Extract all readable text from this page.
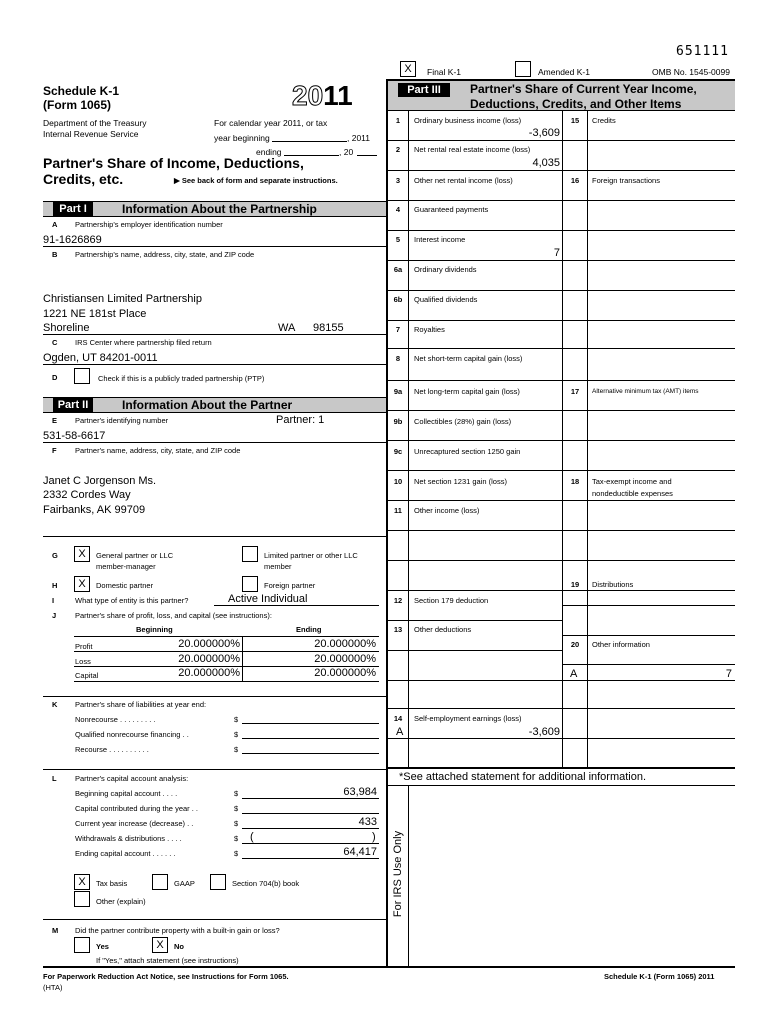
651111
X	Final K-1	Amended K-1	OMB No. 1545-0099
Schedule K-1
(Form 1065)	2011
Department of the Treasury
Internal Revenue Service
For calendar year 2011, or tax
year beginning	, 2011
ending	, 20
Partner's Share of Income, Deductions,
Credits, etc.	▶ See back of form and separate instructions.
Part I	Information About the Partnership
A Partnership's employer identification number
91-1626869
B Partnership's name, address, city, state, and ZIP code
Christiansen Limited Partnership
1221 NE 181st Place
Shoreline	WA 98155
C IRS Center where partnership filed return
Ogden, UT 84201-0011
D	Check if this is a publicly traded partnership (PTP)
Part II	Information About the Partner
E Partner's identifying number	Partner: 1
531-58-6617
F Partner's name, address, city, state, and ZIP code
Janet C Jorgenson Ms.
2332 Cordes Way
Fairbanks, AK 99709
G	X	General partner or LLC
member-manager
Limited partner or other LLC
member
H	X	Domestic partner	Foreign partner
I	What type of entity is this partner?	Active Individual
J	Partner's share of profit, loss, and capital (see instructions):
Beginning	Ending
Profit	20.000000%	20.000000%
Loss	20.000000%	20.000000%
Capital	20.000000%	20.000000%
K Partner's share of liabilities at year end:
Nonrecourse . . . . . . . . .	$
Qualified nonrecourse financing . .	$
Recourse . . . . . . . . . .	$
L Partner's capital account analysis:
Beginning capital account . . . .	$	63,984
Capital contributed during the year . .	$
Current year increase (decrease) . .	$	433
Withdrawals & distributions . . . .	$ (	)
Ending capital account . . . . . .	$	64,417
X	Tax basis	GAAP	Section 704(b) book
Other (explain)
M Did the partner contribute property with a built-in gain or loss?
Yes	X	No
If "Yes," attach statement (see instructions)
Part III	Partner's Share of Current Year Income,
Deductions, Credits, and Other Items
1	Ordinary business income (loss)
-3,609
2	Net rental real estate income (loss)
4,035
3	Other net rental income (loss)
4	Guaranteed payments
5	Interest income
7
6a	Ordinary dividends
6b	Qualified dividends
7	Royalties
8	Net short-term capital gain (loss)
9a	Net long-term capital gain (loss)
9b	Collectibles (28%) gain (loss)
9c	Unrecaptured section 1250 gain
10	Net section 1231 gain (loss)
11	Other income (loss)
12	Section 179 deduction
13	Other deductions
14	Self-employment earnings (loss)
A	-3,609
15	Credits
16	Foreign transactions
17	Alternative minimum tax (AMT) items
18	Tax-exempt income and
nondeductible expenses
19	Distributions
20	Other information
A	7
*See attached statement for additional information.
For IRS Use Only
For Paperwork Reduction Act Notice, see Instructions for Form 1065.
(HTA)
Schedule K-1 (Form 1065) 2011
